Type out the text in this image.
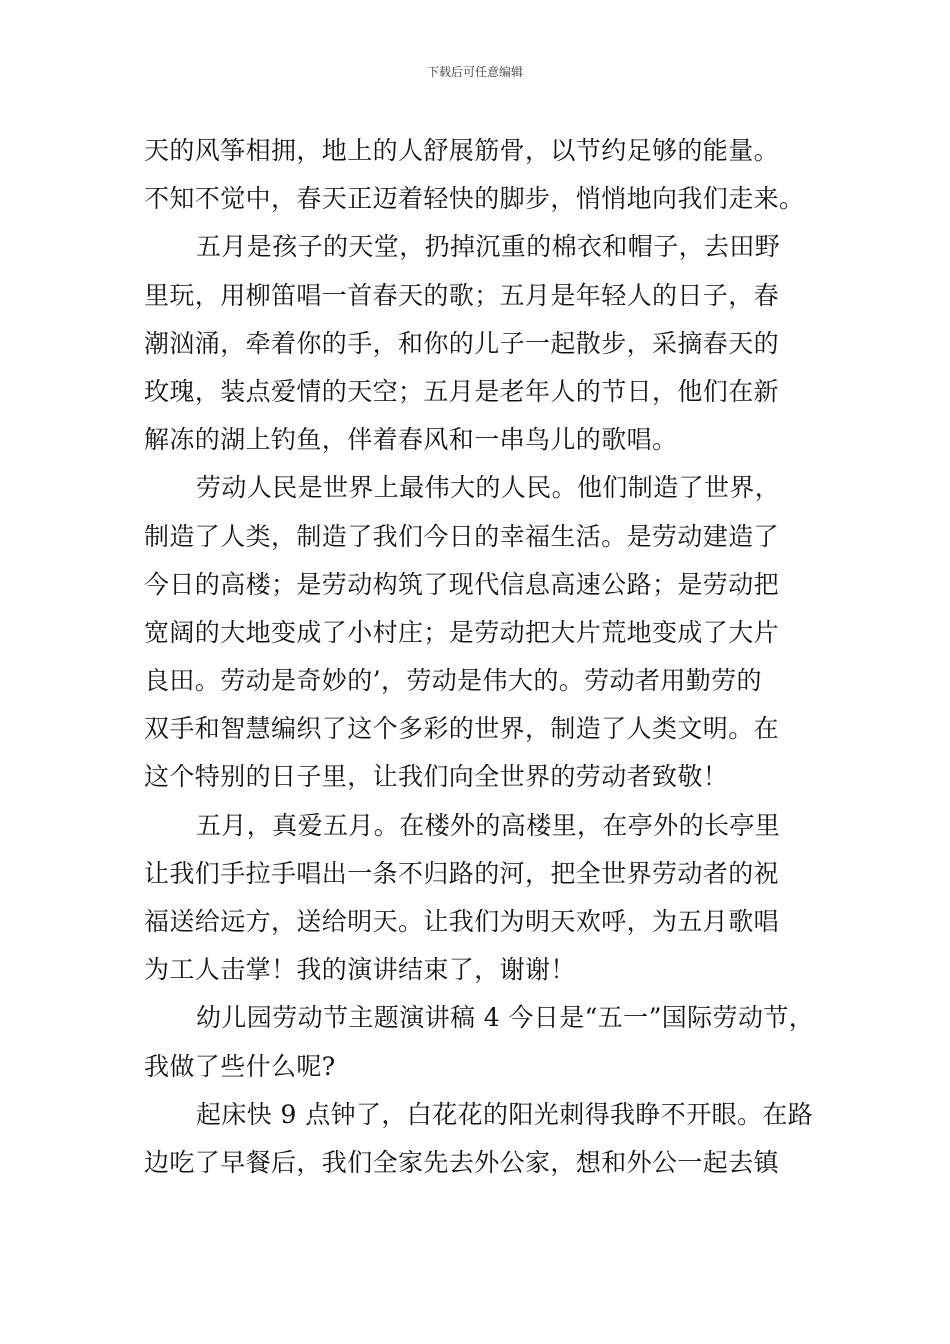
下载后可任意编辑
天的风筝相拥，地上的人舒展筋骨，以节约足够的能量。
不知不觉中，春天正迈着轻快的脚步，悄悄地向我们走来。
五月是孩子的天堂，扔掉沉重的棉衣和帽子，去田野
里玩，用柳笛唱一首春天的歌；五月是年轻人的日子，春
潮汹涌，牵着你的手，和你的儿子一起散步，采摘春天的
玫瑰，装点爱情的天空；五月是老年人的节日，他们在新
解冻的湖上钓鱼，伴着春风和一串鸟儿的歌唱。
劳动人民是世界上最伟大的人民。他们制造了世界，
制造了人类，制造了我们今日的幸福生活。是劳动建造了
今日的高楼；是劳动构筑了现代信息高速公路；是劳动把
宽阔的大地变成了小村庄；是劳动把大片荒地变成了大片
良田。劳动是奇妙的’，劳动是伟大的。劳动者用勤劳的
双手和智慧编织了这个多彩的世界，制造了人类文明。在
这个特别的日子里，让我们向全世界的劳动者致敬！
五月，真爱五月。在楼外的高楼里，在亭外的长亭里
让我们手拉手唱出一条不归路的河，把全世界劳动者的祝
福送给远方，送给明天。让我们为明天欢呼，为五月歌唱
为工人击掌！我的演讲结束了，谢谢！
幼儿园劳动节主题演讲稿 4 今日是“五一”国际劳动节，
我做了些什么呢?
起床快 9 点钟了，白花花的阳光刺得我睁不开眼。在路
边吃了早餐后，我们全家先去外公家，想和外公一起去镇
